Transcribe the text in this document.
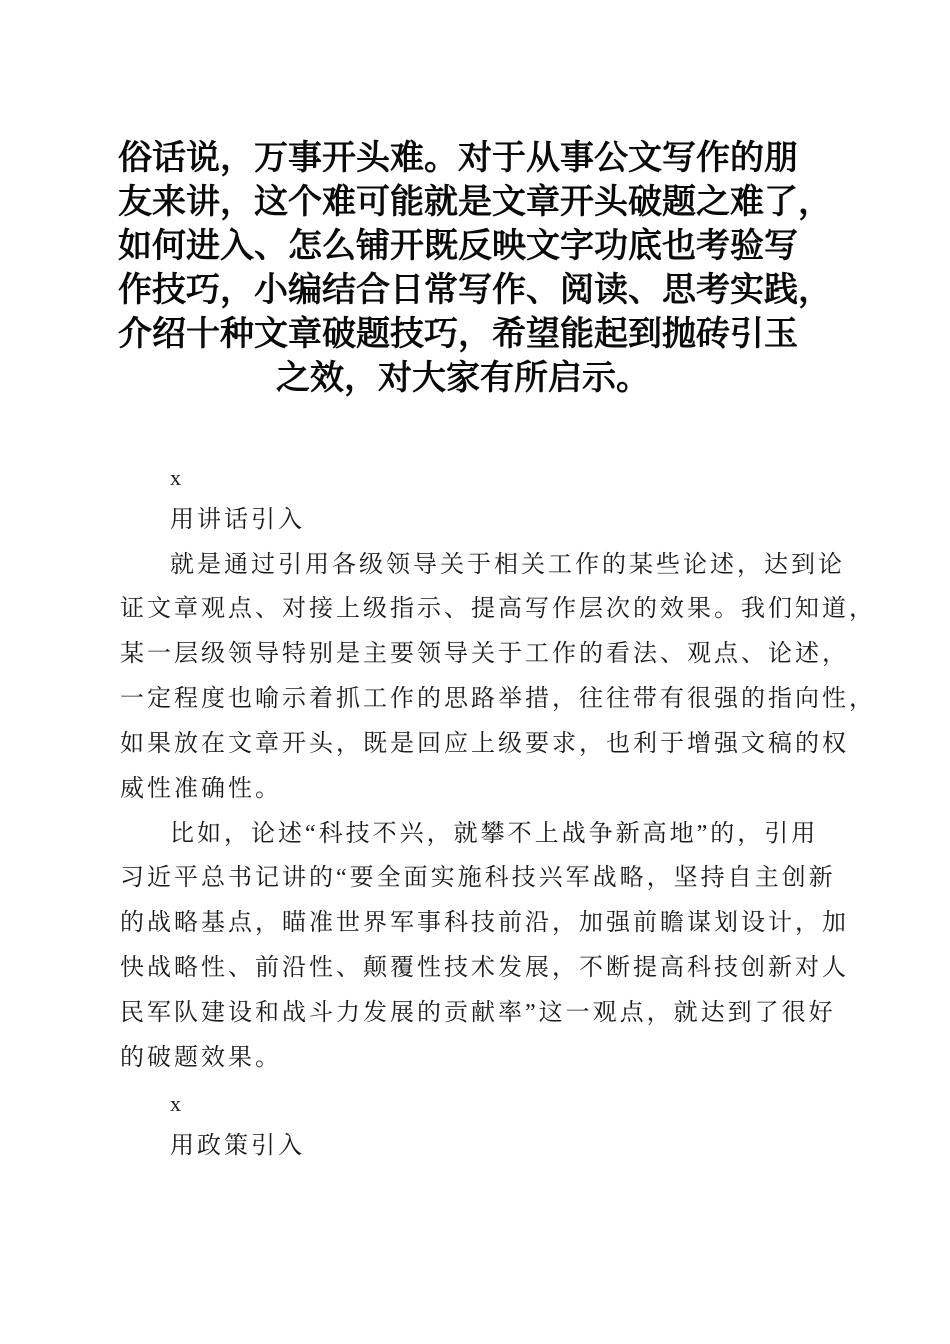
俗话说，万事开头难。对于从事公文写作的朋
友来讲，这个难可能就是文章开头破题之难了，
如何进入、怎么铺开既反映文字功底也考验写
作技巧，小编结合日常写作、阅读、思考实践，
介绍十种文章破题技巧，希望能起到抛砖引玉
之效，对大家有所启示。
x
用讲话引入
就是通过引用各级领导关于相关工作的某些论述，达到论
证文章观点、对接上级指示、提高写作层次的效果。我们知道，
某一层级领导特别是主要领导关于工作的看法、观点、论述，
一定程度也喻示着抓工作的思路举措，往往带有很强的指向性，
如果放在文章开头，既是回应上级要求，也利于增强文稿的权
威性准确性。
比如，论述“科技不兴，就攀不上战争新高地”的，引用
习近平总书记讲的“要全面实施科技兴军战略，坚持自主创新
的战略基点，瞄准世界军事科技前沿，加强前瞻谋划设计，加
快战略性、前沿性、颠覆性技术发展，不断提高科技创新对人
民军队建设和战斗力发展的贡献率”这一观点，就达到了很好
的破题效果。
x
用政策引入
